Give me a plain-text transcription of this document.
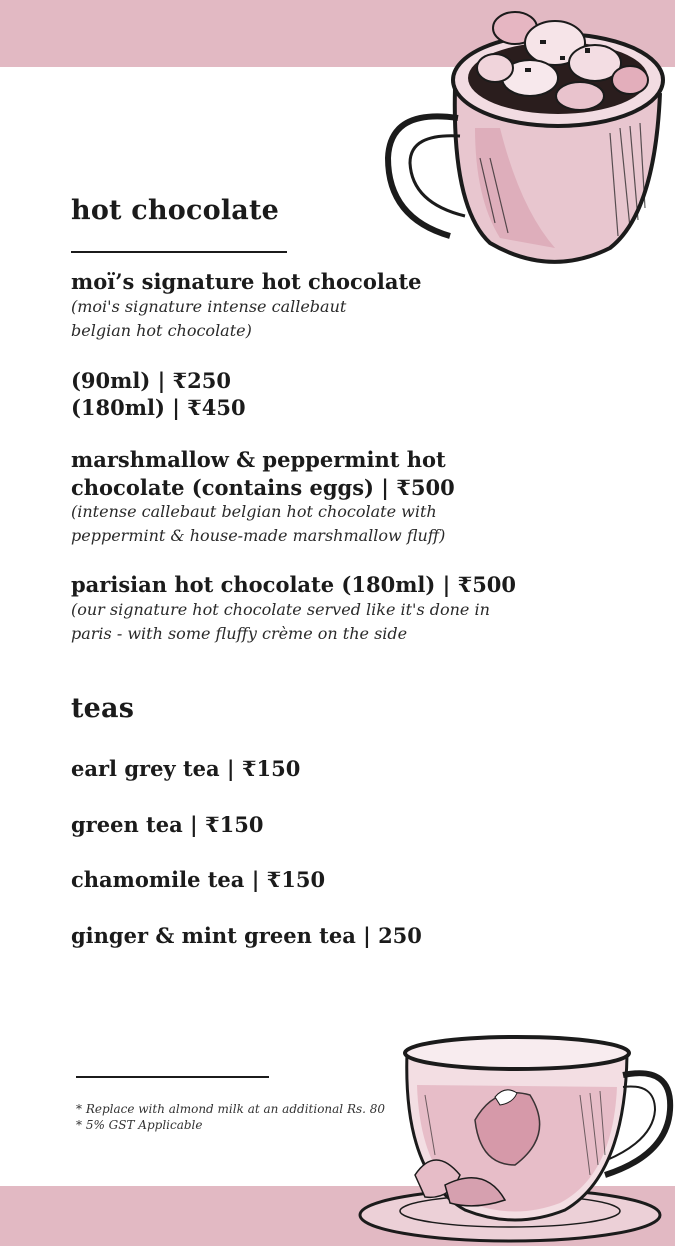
hot chocolate

moï’s signature hot chocolate

(moi's signature intense callebaut

belgian hot chocolate)

(90ml) | ₹250

(180ml) | ₹450

marshmallow & peppermint hot

chocolate (contains eggs) | ₹500

(intense callebaut belgian hot chocolate with

peppermint & house-made marshmallow fluff)

parisian hot chocolate (180ml) | ₹500

(our signature hot chocolate served like it's done in

paris - with some fluffy crème on the side

teas

earl grey tea | ₹150

green tea | ₹150

chamomile tea | ₹150

ginger & mint green tea | 250

* Replace with almond milk at an additional Rs. 80
* 5% GST Applicable
